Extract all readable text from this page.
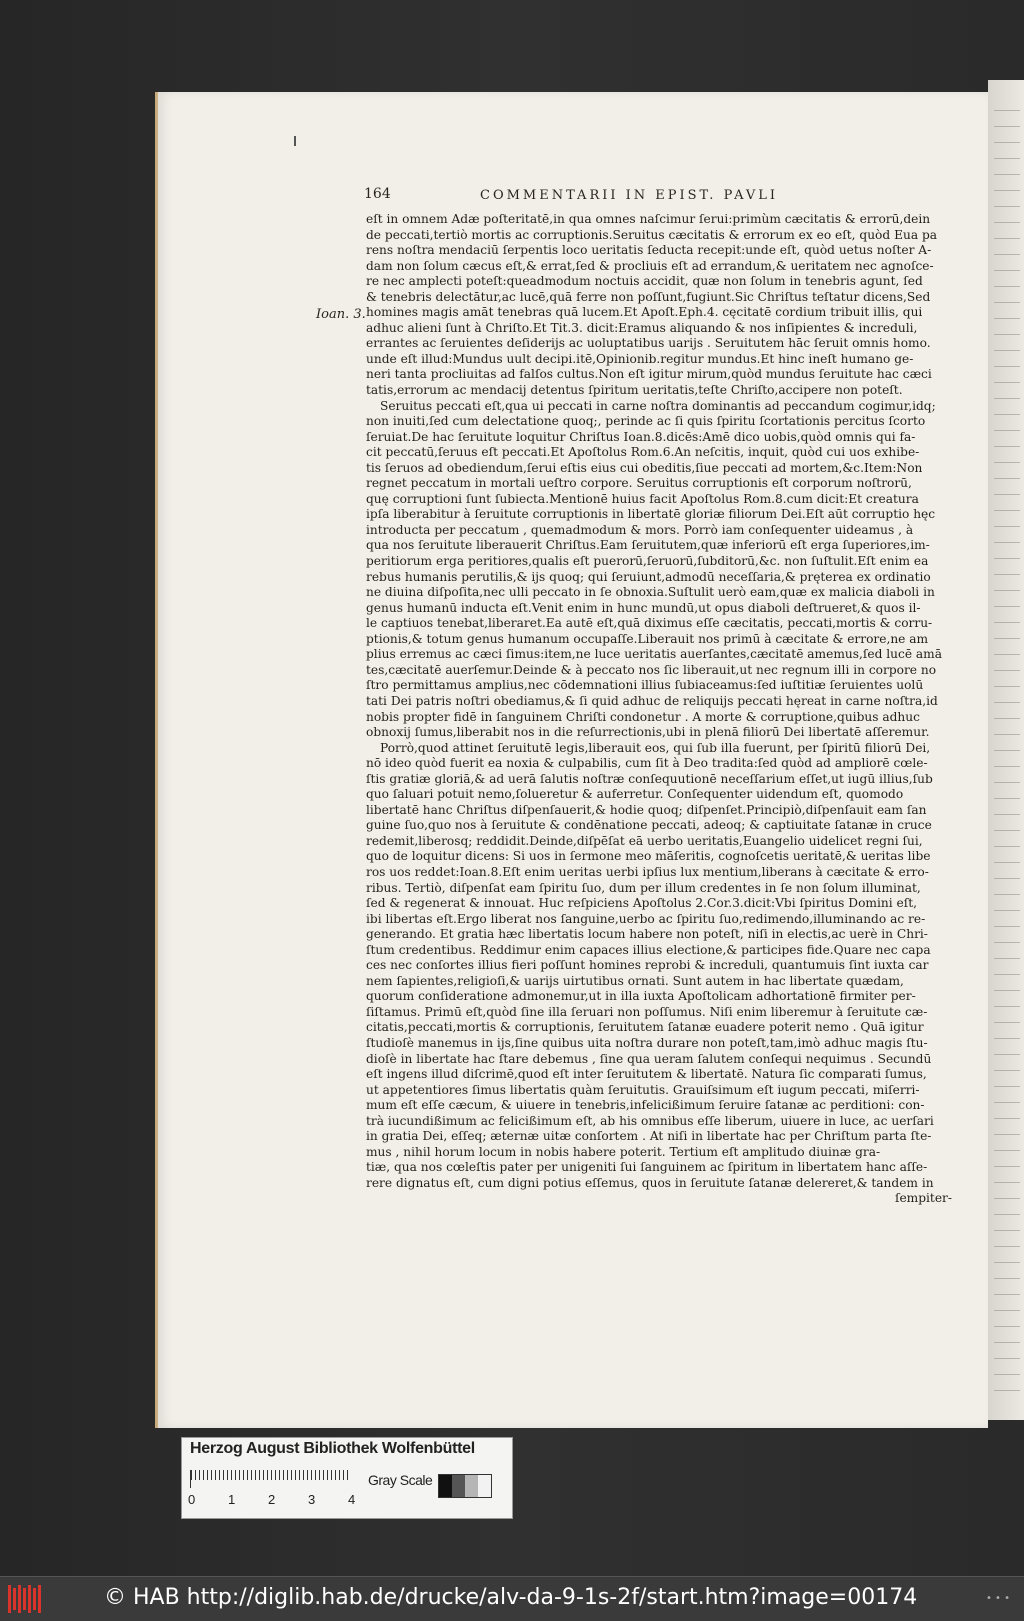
164	COMMENTARII IN EPIST. PAVLI
Ioan. 3.
eſt in omnem Adæ poſteritatē,in qua omnes naſcimur ſerui:primùm cæcitatis & errorū,dein
de peccati,tertiò mortis ac corruptionis.Seruitus cæcitatis & errorum ex eo eſt, quòd Eua pa
rens noſtra mendaciū ſerpentis loco ueritatis ſeducta recepit:unde eſt, quòd uetus noſter A-
dam non ſolum cæcus eſt,& errat,ſed & procliuis eſt ad errandum,& ueritatem nec agnoſce-
re nec amplecti poteſt:queadmodum noctuis accidit, quæ non ſolum in tenebris agunt, ſed
& tenebris delectātur,ac lucē,quā ferre non poſſunt,fugiunt.Sic Chriſtus teſtatur dicens,Sed
homines magis amāt tenebras quā lucem.Et Apoſt.Eph.4. cęcitatē cordium tribuit illis, qui
adhuc alieni ſunt à Chriſto.Et Tit.3. dicit:Eramus aliquando & nos inſipientes & increduli,
errantes ac ſeruientes deſiderijs ac uoluptatibus uarijs . Seruitutem hāc ſeruit omnis homo.
unde eſt illud:Mundus uult decipi.itē,Opinionib.regitur mundus.Et hinc ineſt humano ge-
neri tanta procliuitas ad falſos cultus.Non eſt igitur mirum,quòd mundus ſeruitute hac cæci
tatis,errorum ac mendacij detentus ſpiritum ueritatis,teſte Chriſto,accipere non poteſt.
Seruitus peccati eſt,qua ui peccati in carne noſtra dominantis ad peccandum cogimur,idq;
non inuiti,ſed cum delectatione quoq;, perinde ac ſi quis ſpiritu ſcortationis percitus ſcorto
ſeruiat.De hac ſeruitute loquitur Chriſtus Ioan.8.dicēs:Amē dico uobis,quòd omnis qui fa-
cit peccatū,ſeruus eſt peccati.Et Apoſtolus Rom.6.An neſcitis, inquit, quòd cui uos exhibe-
tis ſeruos ad obediendum,ſerui eſtis eius cui obeditis,ſiue peccati ad mortem,&c.Item:Non
regnet peccatum in mortali ueſtro corpore. Seruitus corruptionis eſt corporum noſtrorū,
quę corruptioni ſunt ſubiecta.Mentionē huius facit Apoſtolus Rom.8.cum dicit:Et creatura
ipſa liberabitur à ſeruitute corruptionis in libertatē gloriæ filiorum Dei.Eſt aūt corruptio hęc
introducta per peccatum , quemadmodum & mors. Porrò iam conſequenter uideamus , à
qua nos ſeruitute liberauerit Chriſtus.Eam ſeruitutem,quæ inferiorū eſt erga ſuperiores,im-
peritiorum erga peritiores,qualis eſt puerorū,ſeruorū,ſubditorū,&c. non ſuſtulit.Eſt enim ea
rebus humanis perutilis,& ijs quoq; qui ſeruiunt,admodū neceſſaria,& pręterea ex ordinatio
ne diuina diſpoſita,nec ulli peccato in ſe obnoxia.Suſtulit uerò eam,quæ ex malicia diaboli in
genus humanū inducta eſt.Venit enim in hunc mundū,ut opus diaboli deſtrueret,& quos il-
le captiuos tenebat,liberaret.Ea autē eſt,quā diximus eſſe cæcitatis, peccati,mortis & corru-
ptionis,& totum genus humanum occupaſſe.Liberauit nos primū à cæcitate & errore,ne am
plius erremus ac cæci ſimus:item,ne luce ueritatis auerſantes,cæcitatē amemus,ſed lucē amā
tes,cæcitatē auerſemur.Deinde & à peccato nos ſic liberauit,ut nec regnum illi in corpore no
ſtro permittamus amplius,nec cōdemnationi illius ſubiaceamus:ſed iuſtitiæ ſeruientes uolū
tati Dei patris noſtri obediamus,& ſi quid adhuc de reliquijs peccati hęreat in carne noſtra,id
nobis propter fidē in ſanguinem Chriſti condonetur . A morte & corruptione,quibus adhuc
obnoxij ſumus,liberabit nos in die reſurrectionis,ubi in plenā filiorū Dei libertatē aſſeremur.
Porrò,quod attinet ſeruitutē legis,liberauit eos, qui ſub illa fuerunt, per ſpiritū filiorū Dei,
nō ideo quòd fuerit ea noxia & culpabilis, cum ſit à Deo tradita:ſed quòd ad ampliorē cœle-
ſtis gratiæ gloriā,& ad uerā ſalutis noſtræ conſequutionē neceſſarium eſſet,ut iugū illius,ſub
quo ſaluari potuit nemo,ſolueretur & auferretur. Conſequenter uidendum eſt, quomodo
libertatē hanc Chriſtus diſpenſauerit,& hodie quoq; diſpenſet.Principiò,diſpenſauit eam ſan
guine ſuo,quo nos à ſeruitute & condēnatione peccati, adeoq; & captiuitate ſatanæ in cruce
redemit,liberosq; reddidit.Deinde,diſpēſat eā uerbo ueritatis,Euangelio uidelicet regni ſui,
quo de loquitur dicens: Si uos in ſermone meo māſeritis, cognoſcetis ueritatē,& ueritas libe
ros uos reddet:Ioan.8.Eſt enim ueritas uerbi ipſius lux mentium,liberans à cæcitate & erro-
ribus. Tertiò, diſpenſat eam ſpiritu ſuo, dum per illum credentes in ſe non ſolum illuminat,
ſed & regenerat & innouat. Huc reſpiciens Apoſtolus 2.Cor.3.dicit:Vbi ſpiritus Domini eſt,
ibi libertas eſt.Ergo liberat nos ſanguine,uerbo ac ſpiritu ſuo,redimendo,illuminando ac re-
generando. Et gratia hæc libertatis locum habere non poteſt, niſi in electis,ac uerè in Chri-
ſtum credentibus. Reddimur enim capaces illius electione,& participes fide.Quare nec capa
ces nec conſortes illius fieri poſſunt homines reprobi & increduli, quantumuis ſint iuxta car
nem ſapientes,religioſi,& uarijs uirtutibus ornati. Sunt autem in hac libertate quædam,
quorum conſideratione admonemur,ut in illa iuxta Apoſtolicam adhortationē firmiter per-
ſiſtamus. Primū eſt,quòd ſine illa ſeruari non poſſumus. Niſi enim liberemur à ſeruitute cæ-
citatis,peccati,mortis & corruptionis, ſeruitutem ſatanæ euadere poterit nemo . Quā igitur
ſtudioſè manemus in ijs,ſine quibus uita noſtra durare non poteſt,tam,imò adhuc magis ſtu-
dioſè in libertate hac ſtare debemus , ſine qua ueram ſalutem conſequi nequimus . Secundū
eſt ingens illud diſcrimē,quod eſt inter ſeruitutem & libertatē. Natura ſic comparati ſumus,
ut appetentiores ſimus libertatis quàm ſeruitutis. Grauiſsimum eſt iugum peccati, miſerri-
mum eſt eſſe cæcum, & uiuere in tenebris,infelicißimum ſeruire ſatanæ ac perditioni: con-
trà iucundißimum ac felicißimum eſt, ab his omnibus eſſe liberum, uiuere in luce, ac uerſari
in gratia Dei, eſſeq; æternæ uitæ conſortem . At niſi in libertate hac per Chriſtum parta ſte-
mus , nihil horum locum in nobis habere poterit. Tertium eſt amplitudo diuinæ gra-
tiæ, qua nos cœleſtis pater per unigeniti ſui ſanguinem ac ſpiritum in libertatem hanc aſſe-
rere dignatus eſt, cum digni potius eſſemus, quos in ſeruitute ſatanæ delereret,& tandem in
ſempiter-
Herzog August Bibliothek Wolfenbüttel
0	1	2	3	4
Gray Scale
© HAB http://diglib.hab.de/drucke/alv-da-9-1s-2f/start.htm?image=00174	• • •
